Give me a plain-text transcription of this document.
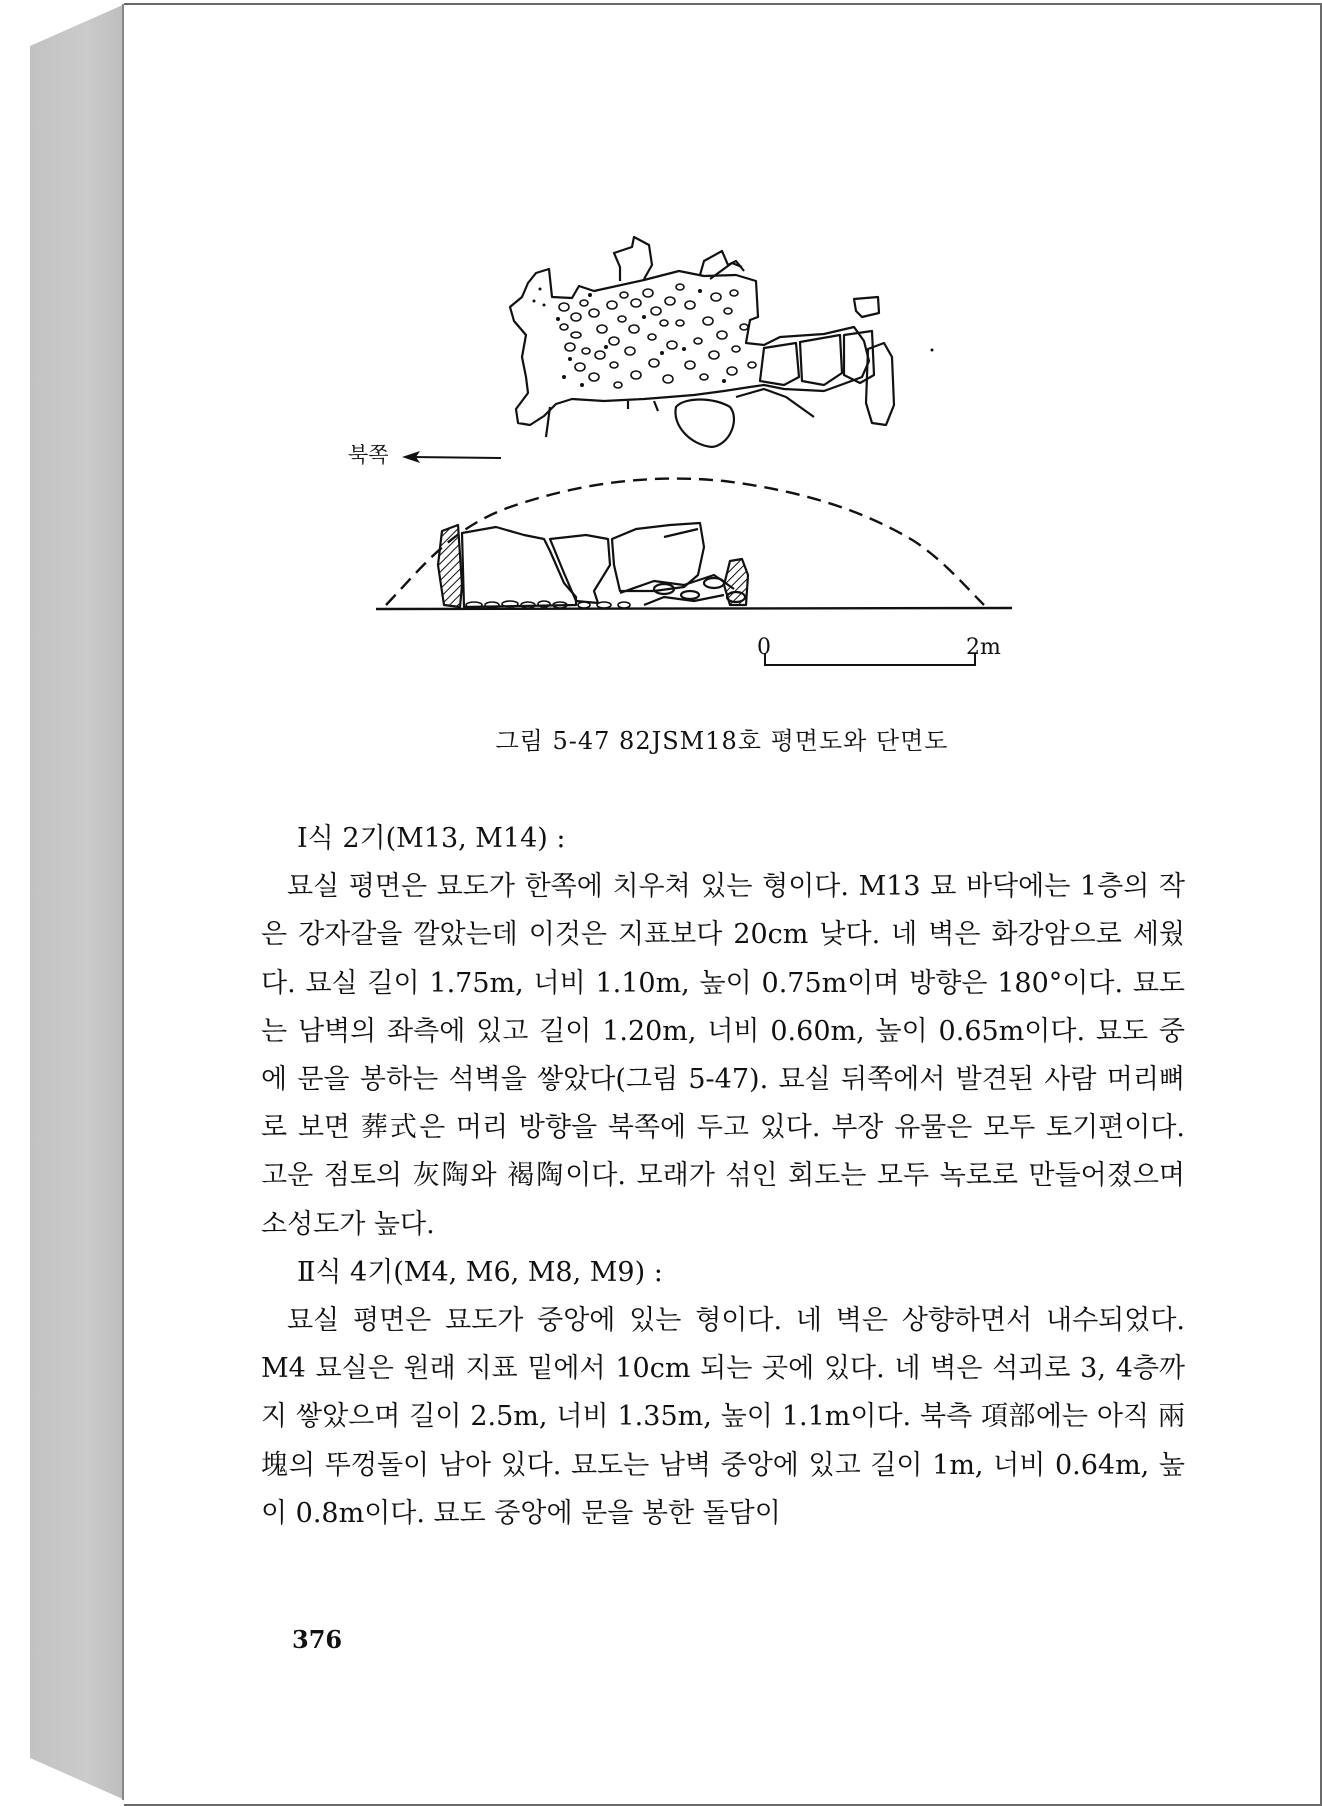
북쪽
0	2m
그림 5-47 82JSM18호 평면도와 단면도

Ⅰ식 2기(M13, M14) :

묘실 평면은 묘도가 한쪽에 치우쳐 있는 형이다. M13 묘 바닥에는 1층의 작은 강자갈을 깔았는데 이것은 지표보다 20cm 낮다. 네 벽은 화강암으로 세웠다. 묘실 길이 1.75m, 너비 1.10m, 높이 0.75m이며 방향은 180°이다. 묘도는 남벽의 좌측에 있고 길이 1.20m, 너비 0.60m, 높이 0.65m이다. 묘도 중에 문을 봉하는 석벽을 쌓았다(그림 5-47). 묘실 뒤쪽에서 발견된 사람 머리뼈로 보면 葬式은 머리 방향을 북쪽에 두고 있다. 부장 유물은 모두 토기편이다. 고운 점토의 灰陶와 褐陶이다. 모래가 섞인 회도는 모두 녹로로 만들어졌으며 소성도가 높다.

Ⅱ식 4기(M4, M6, M8, M9) :

묘실 평면은 묘도가 중앙에 있는 형이다. 네 벽은 상향하면서 내수되었다. M4 묘실은 원래 지표 밑에서 10cm 되는 곳에 있다. 네 벽은 석괴로 3, 4층까지 쌓았으며 길이 2.5m, 너비 1.35m, 높이 1.1m이다. 북측 項部에는 아직 兩塊의 뚜껑돌이 남아 있다. 묘도는 남벽 중앙에 있고 길이 1m, 너비 0.64m, 높이 0.8m이다. 묘도 중앙에 문을 봉한 돌담이

376
